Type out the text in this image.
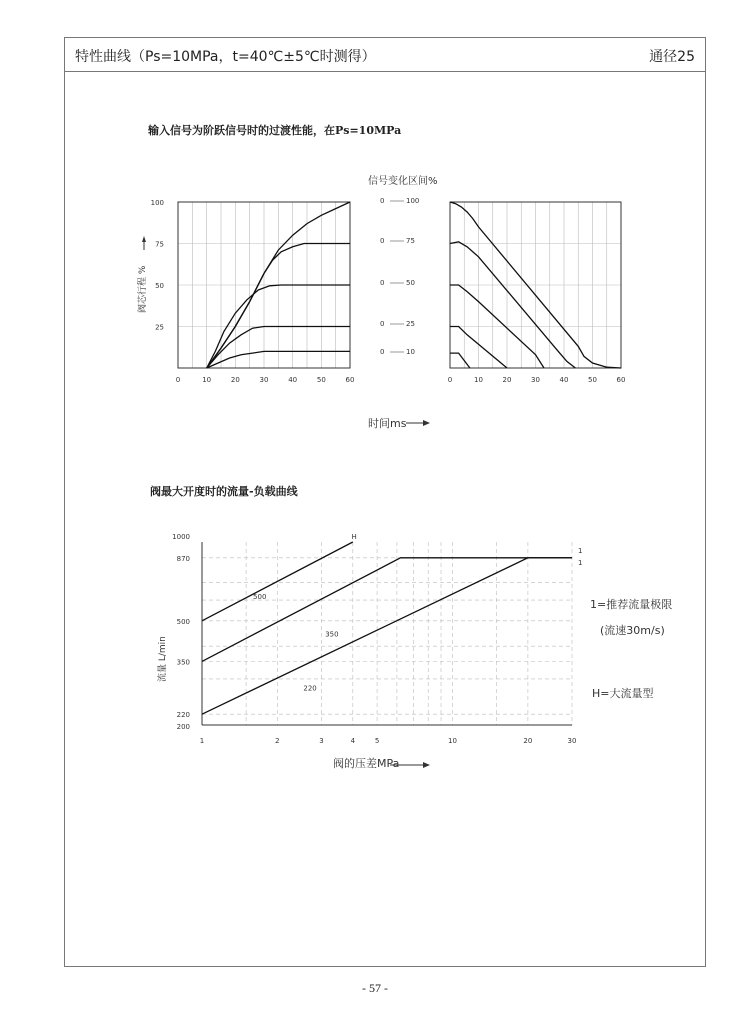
特性曲线（Ps=10MPa，t=40℃±5℃时测得）	通径25
输入信号为阶跃信号时的过渡性能，在Ps=10MPa
阀最大开度时的流量-负载曲线
0	10	20	30	40	50	60
25
50
75
100
阀芯行程 %
时间ms
信号变化区间%
0	100
0	75
0	50
0	25
0	10
0	10	20	30	40	50	60
1	2	3	4	5	10	20	30
200
220
350
500
870
1000
500
350
220
H
1
1
流量 L/min
阀的压差MPa
1=推荐流量极限
(流速30m/s)
H=大流量型
- 57 -
